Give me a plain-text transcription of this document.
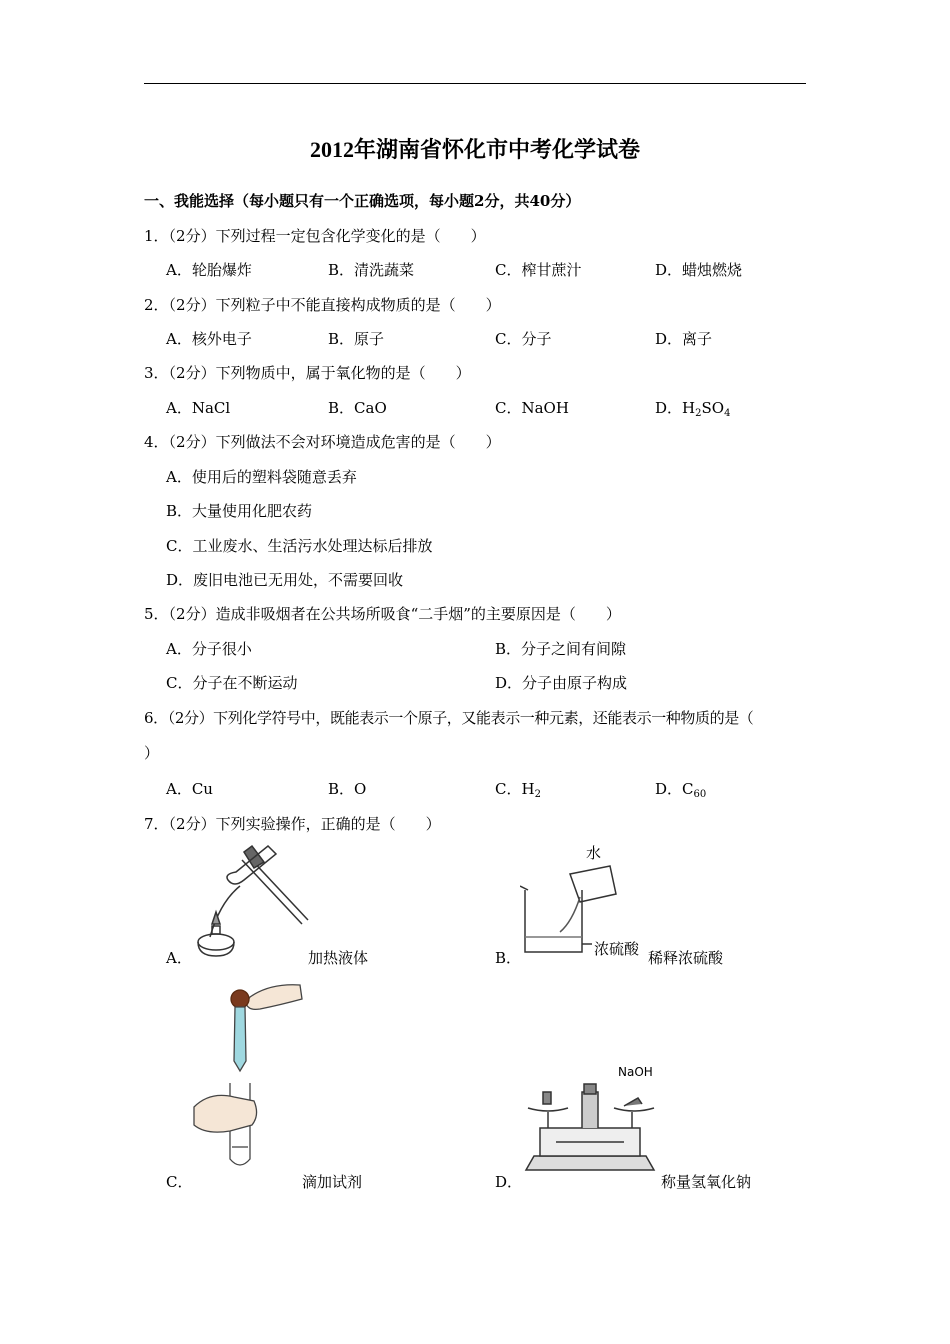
2012年湖南省怀化市中考化学试卷
一、我能选择（每小题只有一个正确选项，每小题2分，共40分）
1．（2分）下列过程一定包含化学变化的是（　　）
A．轮胎爆炸	B．清洗蔬菜	C．榨甘蔗汁	D．蜡烛燃烧
2．（2分）下列粒子中不能直接构成物质的是（　　）
A．核外电子	B．原子	C．分子	D．离子
3．（2分）下列物质中，属于氧化物的是（　　）
A．NaCl	B．CaO	C．NaOH	D．$H_2SO_4$
4．（2分）下列做法不会对环境造成危害的是（　　）
A．使用后的塑料袋随意丢弃
B．大量使用化肥农药
C．工业废水、生活污水处理达标后排放
D．废旧电池已无用处，不需要回收
5．（2分）造成非吸烟者在公共场所吸食“二手烟”的主要原因是（　　）
A．分子很小	B．分子之间有间隙
C．分子在不断运动	D．分子由原子构成
6．（2分）下列化学符号中，既能表示一个原子，又能表示一种元素，还能表示一种物质的是（
）
A．Cu	B．O	C．$H_2$	D．$C_{60}$
7．（2分）下列实验操作，正确的是（　　）
A．	加热液体	B．	稀释浓硫酸
C．	滴加试剂	D．	称量氢氧化钠
水
浓硫酸
NaOH
